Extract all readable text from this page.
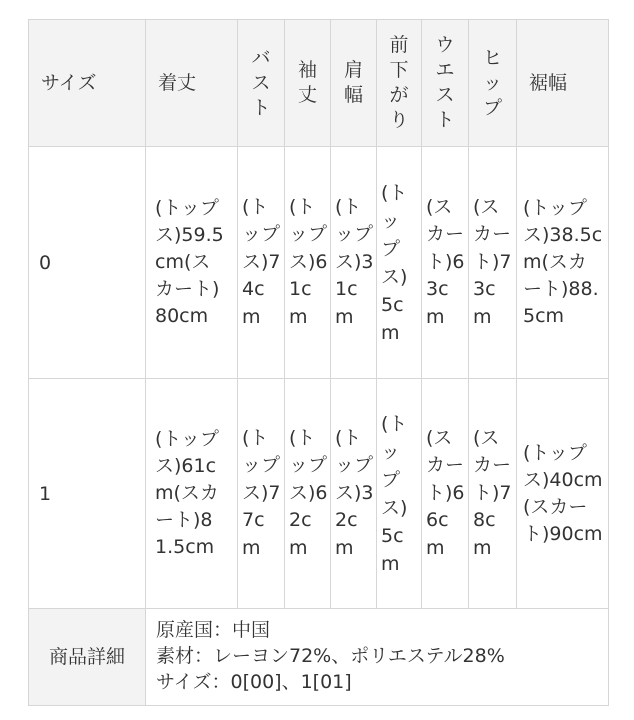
サイズ	着丈	バスト	袖丈	肩幅	前下がり	ウエスト	ヒップ	裾幅
0	(トップス)59.5cm(スカート)80cm	(トップス)74cm	(トップス)61cm	(トップス)31cm	(トップス)5cm	(スカート)63cm	(スカート)73cm	(トップス)38.5cm(スカート)88.5cm
1	(トップス)61cm(スカート)81.5cm	(トップス)77cm	(トップス)62cm	(トップス)32cm	(トップス)5cm	(スカート)66cm	(スカート)78cm	(トップス)40cm(スカート)90cm
商品詳細	原産国：中国
素材：レーヨン72%、ポリエステル28%
サイズ：0[00]、1[01]							
